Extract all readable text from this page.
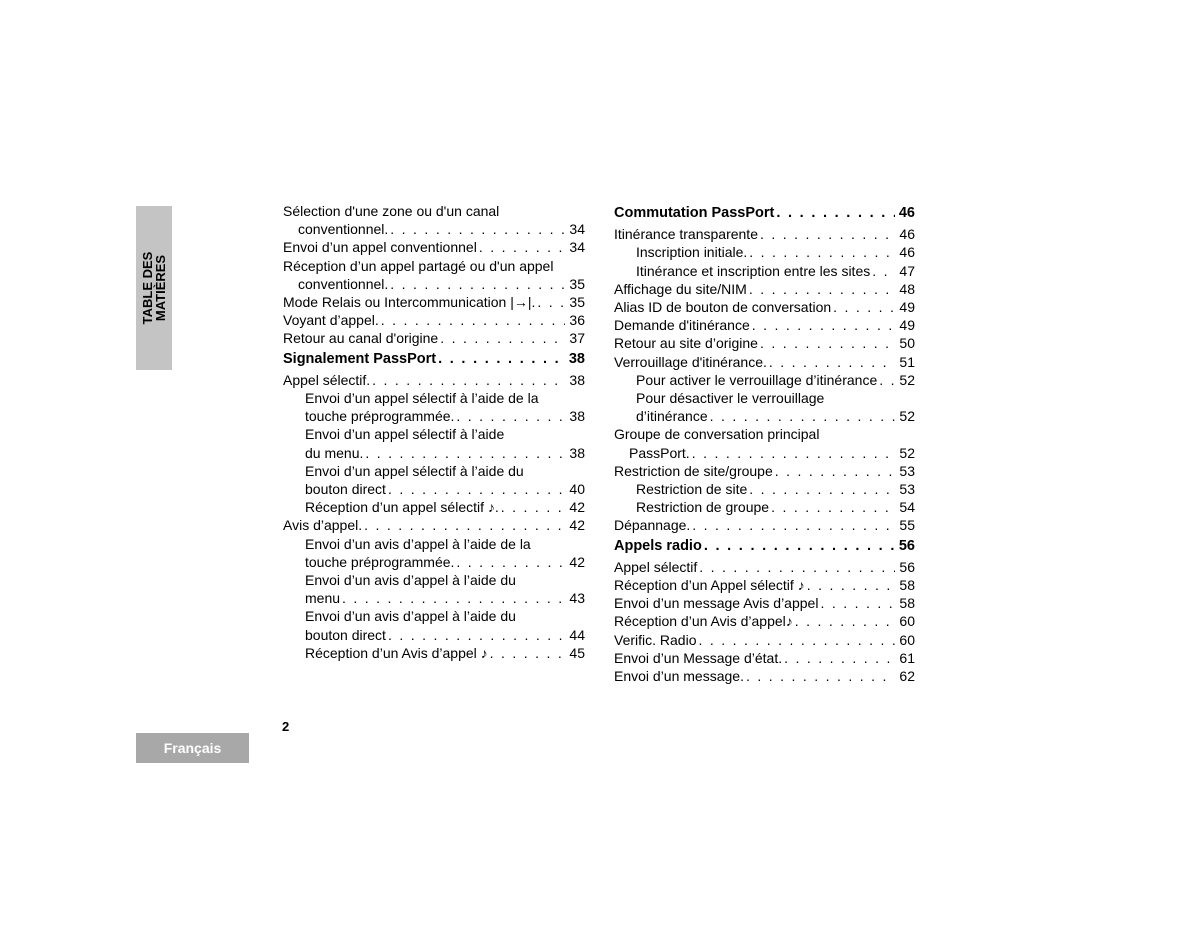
TABLE DES
MATIÈRES
Sélection d'une zone ou d'un canal
conventionnel. . . .	34
Envoi d’un appel conventionnel . . .	34
Réception d’un appel partagé ou d'un appel
conventionnel. . . .	35
Mode Relais ou Intercommunication |→|. . . . 35
Voyant d’appel. . . .	36
Retour au canal d'origine . . .	37
Signalement PassPort . . .	38
Appel sélectif. . . .	38
Envoi d’un appel sélectif à l’aide de la
touche préprogrammée. . . .	38
Envoi d’un appel sélectif à l’aide
du menu. . . .	38
Envoi d’un appel sélectif à l’aide du
bouton direct . . .	40
Réception d’un appel sélectif ♪. . . .	42
Avis d’appel. . . .	42
Envoi d’un avis d’appel à l’aide de la
touche préprogrammée. . . .	42
Envoi d’un avis d’appel à l’aide du
menu . . .	43
Envoi d’un avis d’appel à l’aide du
bouton direct . . .	44
Réception d’un Avis d’appel ♪ . . .	45
Commutation PassPort . . .	46
Itinérance transparente . . .	46
Inscription initiale. . . .	46
Itinérance et inscription entre les sites . . . 47
Affichage du site/NIM . . .	48
Alias ID de bouton de conversation . . .	49
Demande d'itinérance . . .	49
Retour au site d’origine . . .	50
Verrouillage d'itinérance. . . .	51
Pour activer le verrouillage d’itinérance . . . 52
Pour désactiver le verrouillage
d’itinérance . . .	52
Groupe de conversation principal
PassPort. . . .	52
Restriction de site/groupe . . .	53
Restriction de site . . .	53
Restriction de groupe . . .	54
Dépannage. . . .	55
Appels radio . . .	56
Appel sélectif . . .	56
Réception d’un Appel sélectif ♪ . . .	58
Envoi d’un message Avis d’appel . . .	58
Réception d’un Avis d’appel♪ . . .	60
Verific. Radio . . .	60
Envoi d’un Message d’état. . . .	61
Envoi d’un message. . . .	62
2
Français
